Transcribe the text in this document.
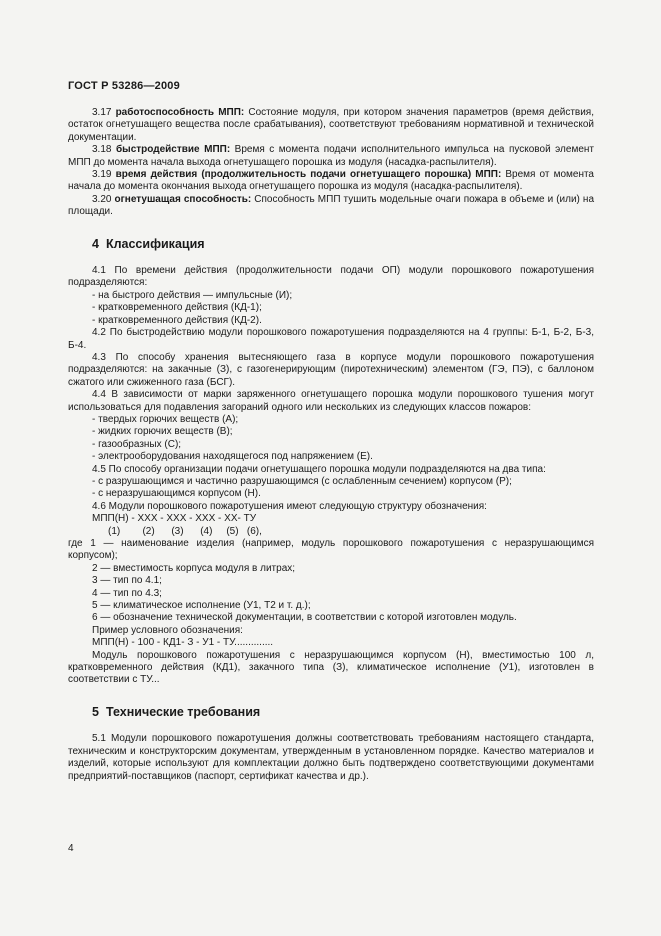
ГОСТ Р 53286—2009

3.17 работоспособность МПП: Состояние модуля, при котором значения параметров (время действия, остаток огнетушащего вещества после срабатывания), соответствуют требованиям нормативной и технической документации.

3.18 быстродействие МПП: Время с момента подачи исполнительного импульса на пусковой элемент МПП до момента начала выхода огнетушащего порошка из модуля (насадка-распылителя).

3.19 время действия (продолжительность подачи огнетушащего порошка) МПП: Время от момента начала до момента окончания выхода огнетушащего порошка из модуля (насадка-распылителя).

3.20 огнетушащая способность: Способность МПП тушить модельные очаги пожара в объеме и (или) на площади.

4 Классификация

4.1 По времени действия (продолжительности подачи ОП) модули порошкового пожаротушения подразделяются:

- на быстрого действия — импульсные (И);

- кратковременного действия (КД-1);

- кратковременного действия (КД-2).

4.2 По быстродействию модули порошкового пожаротушения подразделяются на 4 группы: Б-1, Б-2, Б-3, Б-4.

4.3 По способу хранения вытесняющего газа в корпусе модули порошкового пожаротушения подразделяются: на закачные (З), с газогенерирующим (пиротехническим) элементом (ГЭ, ПЭ), с баллоном сжатого или сжиженного газа (БСГ).

4.4 В зависимости от марки заряженного огнетушащего порошка модули порошкового тушения могут использоваться для подавления загораний одного или нескольких из следующих классов пожаров:

- твердых горючих веществ (А);

- жидких горючих веществ (В);

- газообразных (С);

- электрооборудования находящегося под напряжением (Е).

4.5 По способу организации подачи огнетушащего порошка модули подразделяются на два типа:

- с разрушающимся и частично разрушающимся (с ослабленным сечением) корпусом (Р);

- с неразрушающимся корпусом (Н).

4.6 Модули порошкового пожаротушения имеют следующую структуру обозначения:

МПП(Н) - ХХХ - ХХХ - ХХХ - ХХ- ТУ

(1)        (2)      (3)      (4)     (5)   (6),

где 1 — наименование изделия (например, модуль порошкового пожаротушения с неразрушающимся корпусом);

2 — вместимость корпуса модуля в литрах;

3 — тип по 4.1;

4 — тип по 4.3;

5 — климатическое исполнение (У1, Т2 и т. д.);

6 — обозначение технической документации, в соответствии с которой изготовлен модуль.

Пример условного обозначения:

МПП(Н) - 100 - КД1- З - У1 - ТУ..............

Модуль порошкового пожаротушения с неразрушающимся корпусом (Н), вместимостью 100 л, кратковременного действия (КД1), закачного типа (З), климатическое исполнение (У1), изготовлен в соответствии с ТУ...

5 Технические требования

5.1 Модули порошкового пожаротушения должны соответствовать требованиям настоящего стандарта, техническим и конструкторским документам, утвержденным в установленном порядке. Качество материалов и изделий, которые используют для комплектации должно быть подтверждено соответствующими документами предприятий-поставщиков (паспорт, сертификат качества и др.).

4
